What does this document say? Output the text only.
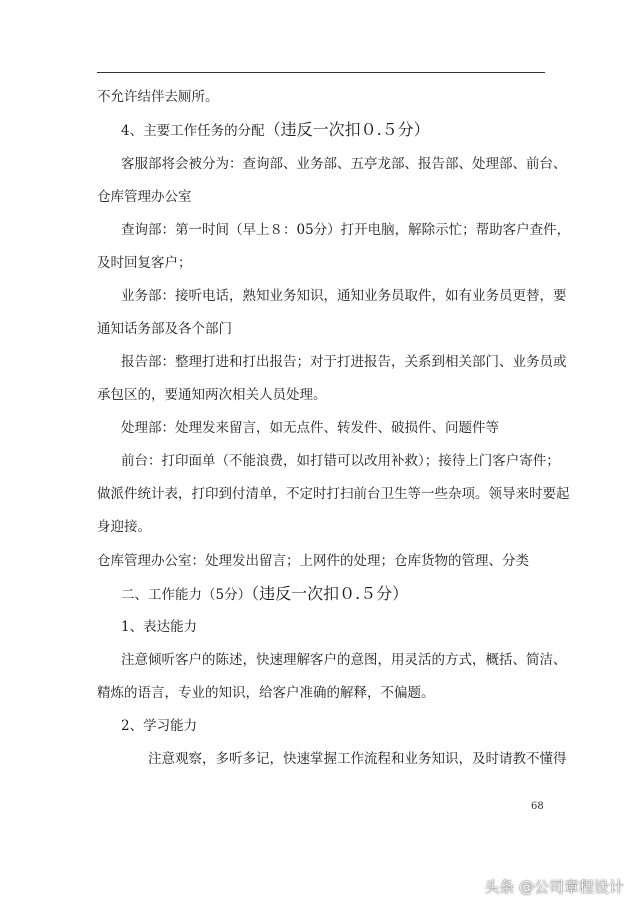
不允许结伴去厕所。
4、主要工作任务的分配（违反一次扣０.５分）
客服部将会被分为：查询部、业务部、五亭龙部、报告部、处理部、前台、
仓库管理办公室
查询部：第一时间（早上８：05分）打开电脑，解除示忙；帮助客户查件，
及时回复客户；
业务部：接听电话，熟知业务知识，通知业务员取件，如有业务员更替，要
通知话务部及各个部门
报告部：整理打进和打出报告；对于打进报告，关系到相关部门、业务员或
承包区的，要通知两次相关人员处理。
处理部：处理发来留言，如无点件、转发件、破损件、问题件等
前台：打印面单（不能浪费，如打错可以改用补救）；接待上门客户寄件；
做派件统计表，打印到付清单，不定时打扫前台卫生等一些杂项。领导来时要起
身迎接。
仓库管理办公室：处理发出留言；上网件的处理；仓库货物的管理、分类
二、工作能力（5分）（违反一次扣０.５分）
1、表达能力
注意倾听客户的陈述，快速理解客户的意图，用灵活的方式，概括、简洁、
精炼的语言，专业的知识，给客户准确的解释，不偏题。
2、学习能力
注意观察，多听多记，快速掌握工作流程和业务知识，及时请教不懂得
68
头条 @公司章程设计
